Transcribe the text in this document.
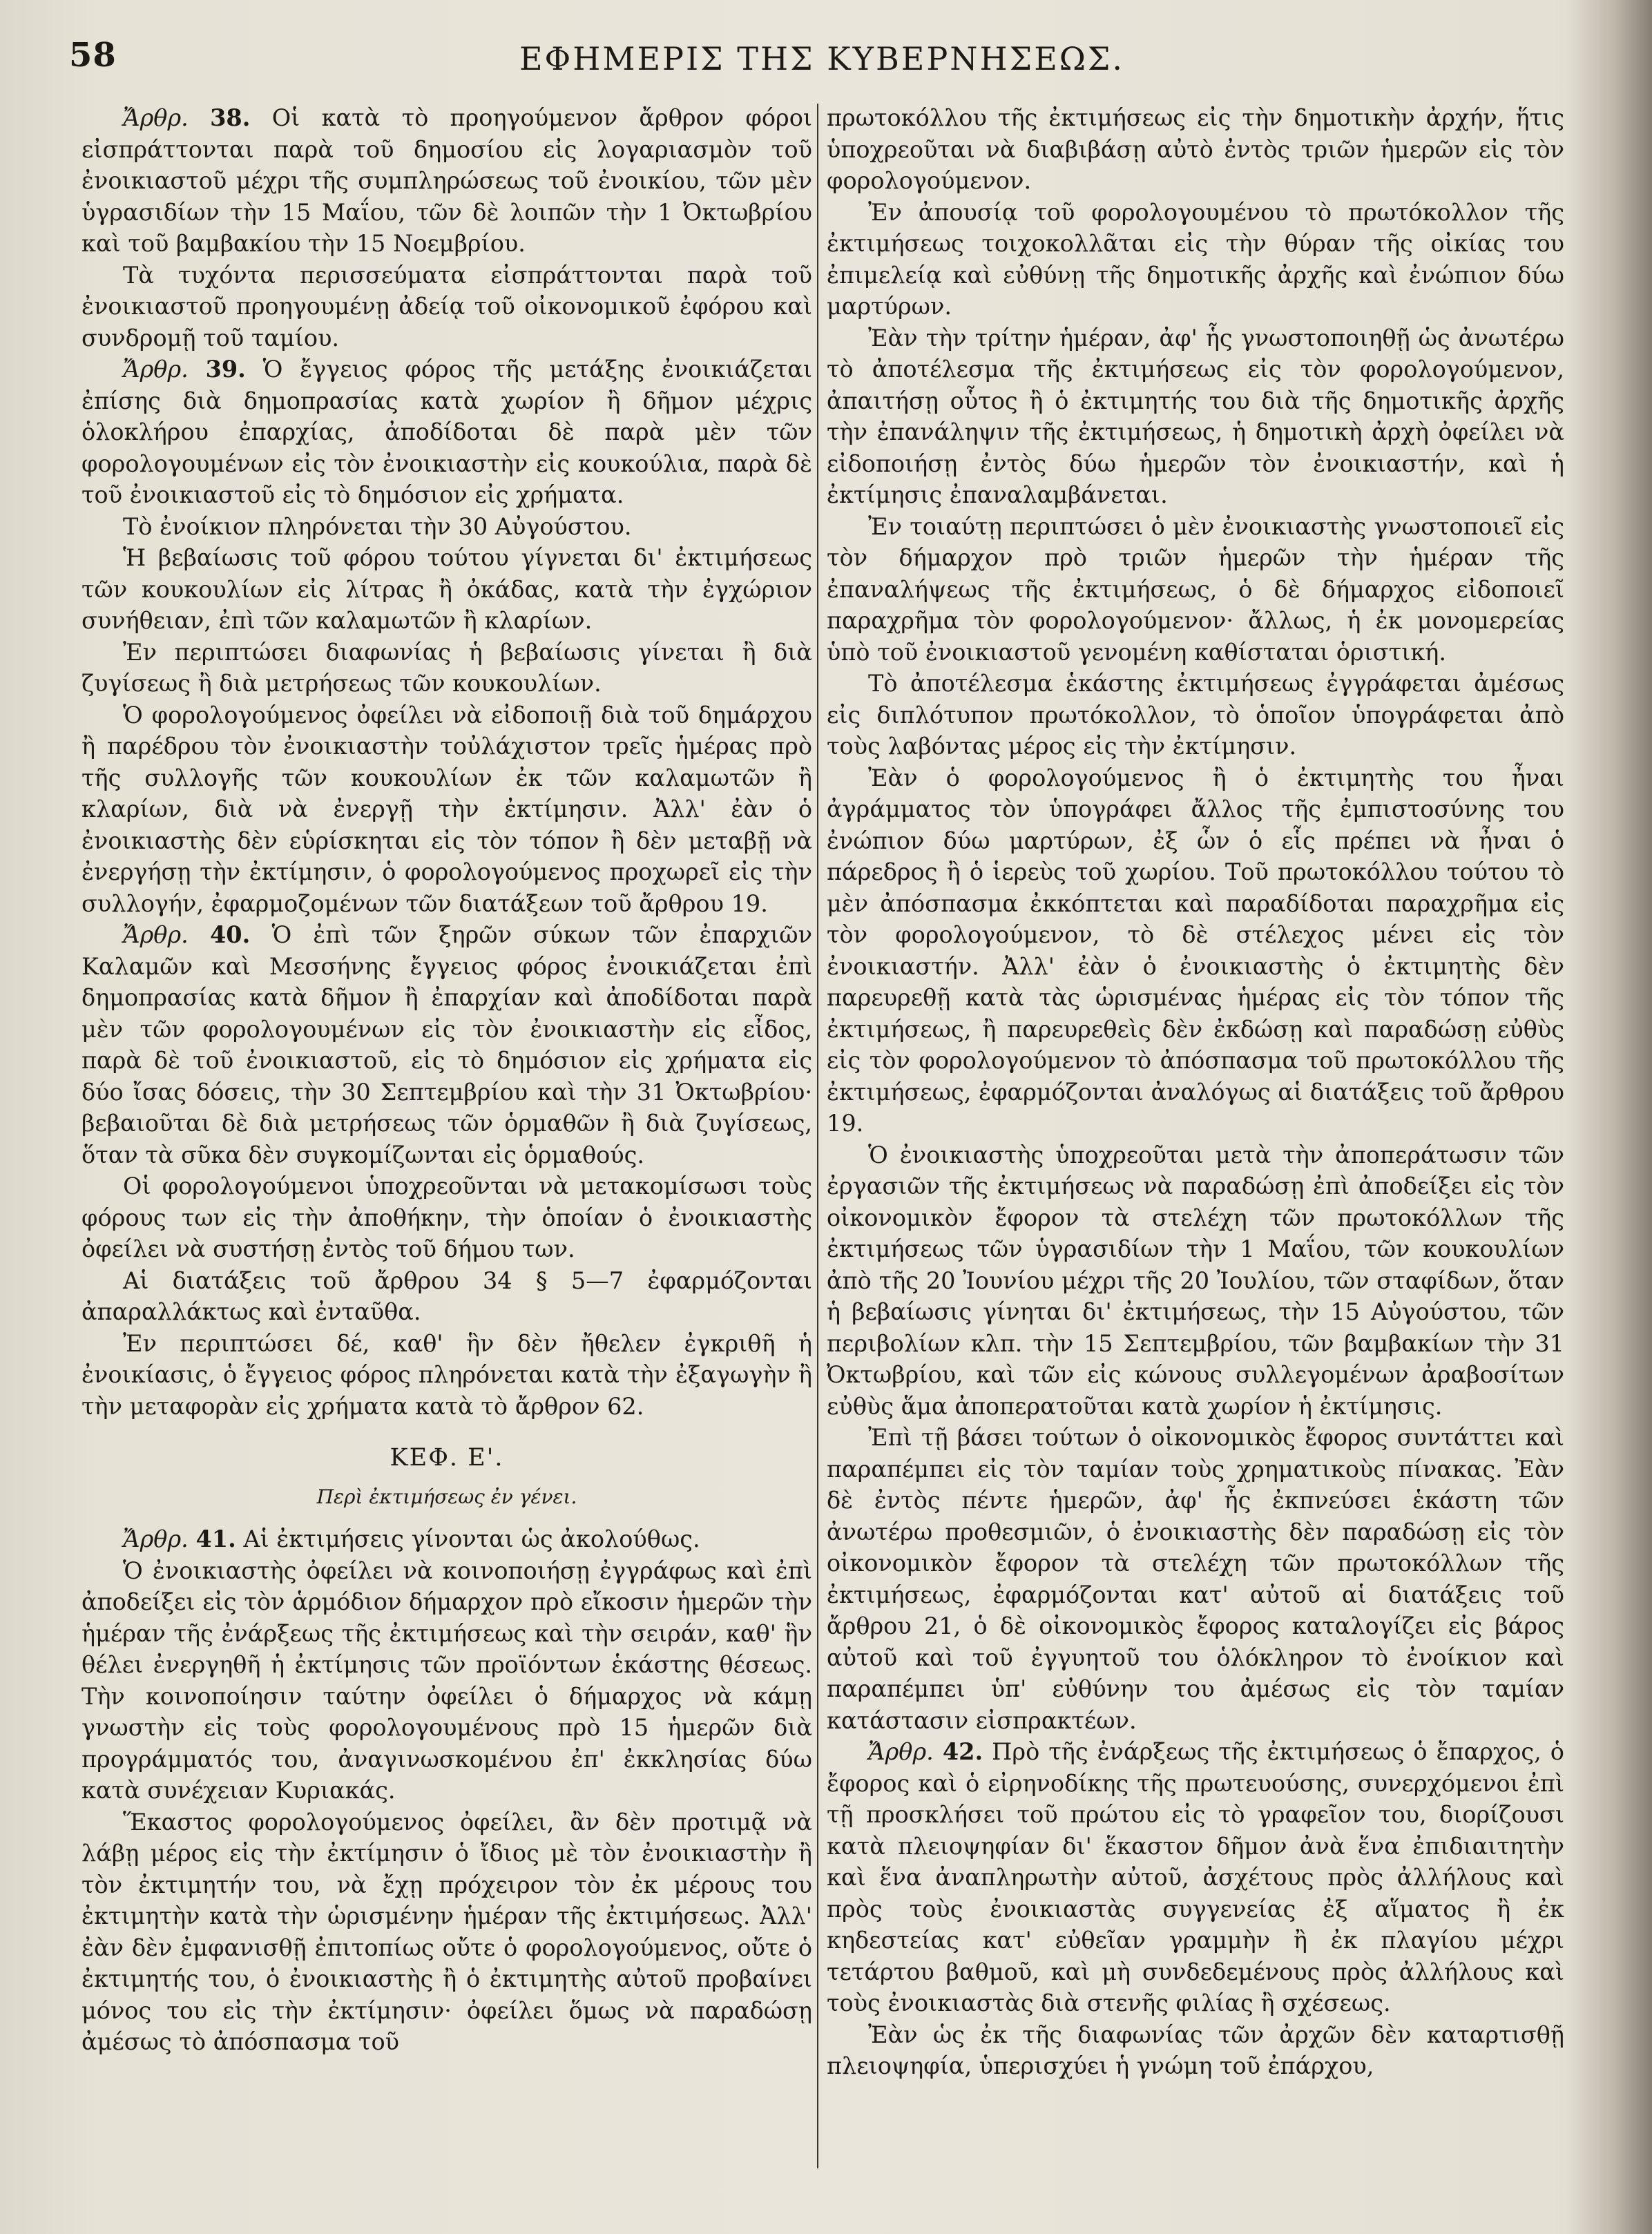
58	ΕΦΗΜΕΡΙΣ ΤΗΣ ΚΥΒΕΡΝΗΣΕΩΣ.

Ἄρθρ. 38. Οἱ κατὰ τὸ προηγούμενον ἄρθρον φόροι εἰσπράττονται παρὰ τοῦ δημοσίου εἰς λογαριασμὸν τοῦ ἐνοικιαστοῦ μέχρι τῆς συμπληρώσεως τοῦ ἐνοικίου, τῶν μὲν ὑγρασιδίων τὴν 15 Μαΐου, τῶν δὲ λοιπῶν τὴν 1 Ὀκτωβρίου καὶ τοῦ βαμβακίου τὴν 15 Νοεμβρίου.

Τὰ τυχόντα περισσεύματα εἰσπράττονται παρὰ τοῦ ἐνοικιαστοῦ προηγουμένῃ ἀδείᾳ τοῦ οἰκονομικοῦ ἐφόρου καὶ συνδρομῇ τοῦ ταμίου.

Ἄρθρ. 39. Ὁ ἔγγειος φόρος τῆς μετάξης ἐνοικιάζεται ἐπίσης διὰ δημοπρασίας κατὰ χωρίον ἢ δῆμον μέχρις ὁλοκλήρου ἐπαρχίας, ἀποδίδοται δὲ παρὰ μὲν τῶν φορολογουμένων εἰς τὸν ἐνοικιαστὴν εἰς κουκούλια, παρὰ δὲ τοῦ ἐνοικιαστοῦ εἰς τὸ δημόσιον εἰς χρήματα.

Τὸ ἐνοίκιον πληρόνεται τὴν 30 Αὐγούστου.

Ἡ βεβαίωσις τοῦ φόρου τούτου γίγνεται δι' ἐκτιμήσεως τῶν κουκουλίων εἰς λίτρας ἢ ὀκάδας, κατὰ τὴν ἐγχώριον συνήθειαν, ἐπὶ τῶν καλαμωτῶν ἢ κλαρίων.

Ἐν περιπτώσει διαφωνίας ἡ βεβαίωσις γίνεται ἢ διὰ ζυγίσεως ἢ διὰ μετρήσεως τῶν κουκουλίων.

Ὁ φορολογούμενος ὀφείλει νὰ εἰδοποιῇ διὰ τοῦ δημάρχου ἢ παρέδρου τὸν ἐνοικιαστὴν τοὐλάχιστον τρεῖς ἡμέρας πρὸ τῆς συλλογῆς τῶν κουκουλίων ἐκ τῶν καλαμωτῶν ἢ κλαρίων, διὰ νὰ ἐνεργῇ τὴν ἐκτίμησιν. Ἀλλ' ἐὰν ὁ ἐνοικιαστὴς δὲν εὑρίσκηται εἰς τὸν τόπον ἢ δὲν μεταβῇ νὰ ἐνεργήσῃ τὴν ἐκτίμησιν, ὁ φορολογούμενος προχωρεῖ εἰς τὴν συλλογήν, ἐφαρμοζομένων τῶν διατάξεων τοῦ ἄρθρου 19.

Ἄρθρ. 40. Ὁ ἐπὶ τῶν ξηρῶν σύκων τῶν ἐπαρχιῶν Καλαμῶν καὶ Μεσσήνης ἔγγειος φόρος ἐνοικιάζεται ἐπὶ δημοπρασίας κατὰ δῆμον ἢ ἐπαρχίαν καὶ ἀποδίδοται παρὰ μὲν τῶν φορολογουμένων εἰς τὸν ἐνοικιαστὴν εἰς εἶδος, παρὰ δὲ τοῦ ἐνοικιαστοῦ, εἰς τὸ δημόσιον εἰς χρήματα εἰς δύο ἴσας δόσεις, τὴν 30 Σεπτεμβρίου καὶ τὴν 31 Ὀκτωβρίου· βεβαιοῦται δὲ διὰ μετρήσεως τῶν ὁρμαθῶν ἢ διὰ ζυγίσεως, ὅταν τὰ σῦκα δὲν συγκομίζωνται εἰς ὁρμαθούς.

Οἱ φορολογούμενοι ὑποχρεοῦνται νὰ μετακομίσωσι τοὺς φόρους των εἰς τὴν ἀποθήκην, τὴν ὁποίαν ὁ ἐνοικιαστὴς ὀφείλει νὰ συστήσῃ ἐντὸς τοῦ δήμου των.

Αἱ διατάξεις τοῦ ἄρθρου 34 § 5—7 ἐφαρμόζονται ἀπαραλλάκτως καὶ ἐνταῦθα.

Ἐν περιπτώσει δέ, καθ' ἣν δὲν ἤθελεν ἐγκριθῆ ἡ ἐνοικίασις, ὁ ἔγγειος φόρος πληρόνεται κατὰ τὴν ἐξαγωγὴν ἢ τὴν μεταφορὰν εἰς χρήματα κατὰ τὸ ἄρθρον 62.

ΚΕΦ. Ε'.
Περὶ ἐκτιμήσεως ἐν γένει.

Ἄρθρ. 41. Αἱ ἐκτιμήσεις γίνονται ὡς ἀκολούθως.

Ὁ ἐνοικιαστὴς ὀφείλει νὰ κοινοποιήσῃ ἐγγράφως καὶ ἐπὶ ἀποδείξει εἰς τὸν ἁρμόδιον δήμαρχον πρὸ εἴκοσιν ἡμερῶν τὴν ἡμέραν τῆς ἐνάρξεως τῆς ἐκτιμήσεως καὶ τὴν σειράν, καθ' ἣν θέλει ἐνεργηθῆ ἡ ἐκτίμησις τῶν προϊόντων ἑκάστης θέσεως. Τὴν κοινοποίησιν ταύτην ὀφείλει ὁ δήμαρχος νὰ κάμῃ γνωστὴν εἰς τοὺς φορολογουμένους πρὸ 15 ἡμερῶν διὰ προγράμματός του, ἀναγινωσκομένου ἐπ' ἐκκλησίας δύω κατὰ συνέχειαν Κυριακάς.

Ἕκαστος φορολογούμενος ὀφείλει, ἂν δὲν προτιμᾷ νὰ λάβῃ μέρος εἰς τὴν ἐκτίμησιν ὁ ἴδιος μὲ τὸν ἐνοικιαστὴν ἢ τὸν ἐκτιμητήν του, νὰ ἔχῃ πρόχειρον τὸν ἐκ μέρους του ἐκτιμητὴν κατὰ τὴν ὡρισμένην ἡμέραν τῆς ἐκτιμήσεως. Ἀλλ' ἐὰν δὲν ἐμφανισθῇ ἐπιτοπίως οὔτε ὁ φορολογούμενος, οὔτε ὁ ἐκτιμητής του, ὁ ἐνοικιαστὴς ἢ ὁ ἐκτιμητὴς αὐτοῦ προβαίνει μόνος του εἰς τὴν ἐκτίμησιν· ὀφείλει ὅμως νὰ παραδώσῃ ἀμέσως τὸ ἀπόσπασμα τοῦ

πρωτοκόλλου τῆς ἐκτιμήσεως εἰς τὴν δημοτικὴν ἀρχήν, ἥτις ὑποχρεοῦται νὰ διαβιβάσῃ αὐτὸ ἐντὸς τριῶν ἡμερῶν εἰς τὸν φορολογούμενον.

Ἐν ἀπουσίᾳ τοῦ φορολογουμένου τὸ πρωτόκολλον τῆς ἐκτιμήσεως τοιχοκολλᾶται εἰς τὴν θύραν τῆς οἰκίας του ἐπιμελείᾳ καὶ εὐθύνῃ τῆς δημοτικῆς ἀρχῆς καὶ ἐνώπιον δύω μαρτύρων.

Ἐὰν τὴν τρίτην ἡμέραν, ἀφ' ἧς γνωστοποιηθῇ ὡς ἀνωτέρω τὸ ἀποτέλεσμα τῆς ἐκτιμήσεως εἰς τὸν φορολογούμενον, ἀπαιτήσῃ οὗτος ἢ ὁ ἐκτιμητής του διὰ τῆς δημοτικῆς ἀρχῆς τὴν ἐπανάληψιν τῆς ἐκτιμήσεως, ἡ δημοτικὴ ἀρχὴ ὀφείλει νὰ εἰδοποιήσῃ ἐντὸς δύω ἡμερῶν τὸν ἐνοικιαστήν, καὶ ἡ ἐκτίμησις ἐπαναλαμβάνεται.

Ἐν τοιαύτῃ περιπτώσει ὁ μὲν ἐνοικιαστὴς γνωστοποιεῖ εἰς τὸν δήμαρχον πρὸ τριῶν ἡμερῶν τὴν ἡμέραν τῆς ἐπαναλήψεως τῆς ἐκτιμήσεως, ὁ δὲ δήμαρχος εἰδοποιεῖ παραχρῆμα τὸν φορολογούμενον· ἄλλως, ἡ ἐκ μονομερείας ὑπὸ τοῦ ἐνοικιαστοῦ γενομένη καθίσταται ὁριστική.

Τὸ ἀποτέλεσμα ἑκάστης ἐκτιμήσεως ἐγγράφεται ἀμέσως εἰς διπλότυπον πρωτόκολλον, τὸ ὁποῖον ὑπογράφεται ἀπὸ τοὺς λαβόντας μέρος εἰς τὴν ἐκτίμησιν.

Ἐὰν ὁ φορολογούμενος ἢ ὁ ἐκτιμητὴς του ἦναι ἀγράμματος τὸν ὑπογράφει ἄλλος τῆς ἐμπιστοσύνης του ἐνώπιον δύω μαρτύρων, ἐξ ὧν ὁ εἷς πρέπει νὰ ἦναι ὁ πάρεδρος ἢ ὁ ἱερεὺς τοῦ χωρίου. Τοῦ πρωτοκόλλου τούτου τὸ μὲν ἀπόσπασμα ἐκκόπτεται καὶ παραδίδοται παραχρῆμα εἰς τὸν φορολογούμενον, τὸ δὲ στέλεχος μένει εἰς τὸν ἐνοικιαστήν. Ἀλλ' ἐὰν ὁ ἐνοικιαστὴς ὁ ἐκτιμητὴς δὲν παρευρεθῇ κατὰ τὰς ὡρισμένας ἡμέρας εἰς τὸν τόπον τῆς ἐκτιμήσεως, ἢ παρευρεθεὶς δὲν ἐκδώσῃ καὶ παραδώσῃ εὐθὺς εἰς τὸν φορολογούμενον τὸ ἀπόσπασμα τοῦ πρωτοκόλλου τῆς ἐκτιμήσεως, ἐφαρμόζονται ἀναλόγως αἱ διατάξεις τοῦ ἄρθρου 19.

Ὁ ἐνοικιαστὴς ὑποχρεοῦται μετὰ τὴν ἀποπεράτωσιν τῶν ἐργασιῶν τῆς ἐκτιμήσεως νὰ παραδώσῃ ἐπὶ ἀποδείξει εἰς τὸν οἰκονομικὸν ἔφορον τὰ στελέχη τῶν πρωτοκόλλων τῆς ἐκτιμήσεως τῶν ὑγρασιδίων τὴν 1 Μαΐου, τῶν κουκουλίων ἀπὸ τῆς 20 Ἰουνίου μέχρι τῆς 20 Ἰουλίου, τῶν σταφίδων, ὅταν ἡ βεβαίωσις γίνηται δι' ἐκτιμήσεως, τὴν 15 Αὐγούστου, τῶν περιβολίων κλπ. τὴν 15 Σεπτεμβρίου, τῶν βαμβακίων τὴν 31 Ὀκτωβρίου, καὶ τῶν εἰς κώνους συλλεγομένων ἀραβοσίτων εὐθὺς ἅμα ἀποπερατοῦται κατὰ χωρίον ἡ ἐκτίμησις.

Ἐπὶ τῇ βάσει τούτων ὁ οἰκονομικὸς ἔφορος συντάττει καὶ παραπέμπει εἰς τὸν ταμίαν τοὺς χρηματικοὺς πίνακας. Ἐὰν δὲ ἐντὸς πέντε ἡμερῶν, ἀφ' ἧς ἐκπνεύσει ἑκάστη τῶν ἀνωτέρω προθεσμιῶν, ὁ ἐνοικιαστὴς δὲν παραδώσῃ εἰς τὸν οἰκονομικὸν ἔφορον τὰ στελέχη τῶν πρωτοκόλλων τῆς ἐκτιμήσεως, ἐφαρμόζονται κατ' αὐτοῦ αἱ διατάξεις τοῦ ἄρθρου 21, ὁ δὲ οἰκονομικὸς ἔφορος καταλογίζει εἰς βάρος αὐτοῦ καὶ τοῦ ἐγγυητοῦ του ὁλόκληρον τὸ ἐνοίκιον καὶ παραπέμπει ὑπ' εὐθύνην του ἀμέσως εἰς τὸν ταμίαν κατάστασιν εἰσπρακτέων.

Ἄρθρ. 42. Πρὸ τῆς ἐνάρξεως τῆς ἐκτιμήσεως ὁ ἔπαρχος, ὁ ἔφορος καὶ ὁ εἰρηνοδίκης τῆς πρωτευούσης, συνερχόμενοι ἐπὶ τῇ προσκλήσει τοῦ πρώτου εἰς τὸ γραφεῖον του, διορίζουσι κατὰ πλειοψηφίαν δι' ἕκαστον δῆμον ἀνὰ ἕνα ἐπιδιαιτητὴν καὶ ἕνα ἀναπληρωτὴν αὐτοῦ, ἀσχέτους πρὸς ἀλλήλους καὶ πρὸς τοὺς ἐνοικιαστὰς συγγενείας ἐξ αἵματος ἢ ἐκ κηδεστείας κατ' εὐθεῖαν γραμμὴν ἢ ἐκ πλαγίου μέχρι τετάρτου βαθμοῦ, καὶ μὴ συνδεδεμένους πρὸς ἀλλήλους καὶ τοὺς ἐνοικιαστὰς διὰ στενῆς φιλίας ἢ σχέσεως.

Ἐὰν ὡς ἐκ τῆς διαφωνίας τῶν ἀρχῶν δὲν καταρτισθῇ πλειοψηφία, ὑπερισχύει ἡ γνώμη τοῦ ἐπάρχου,
